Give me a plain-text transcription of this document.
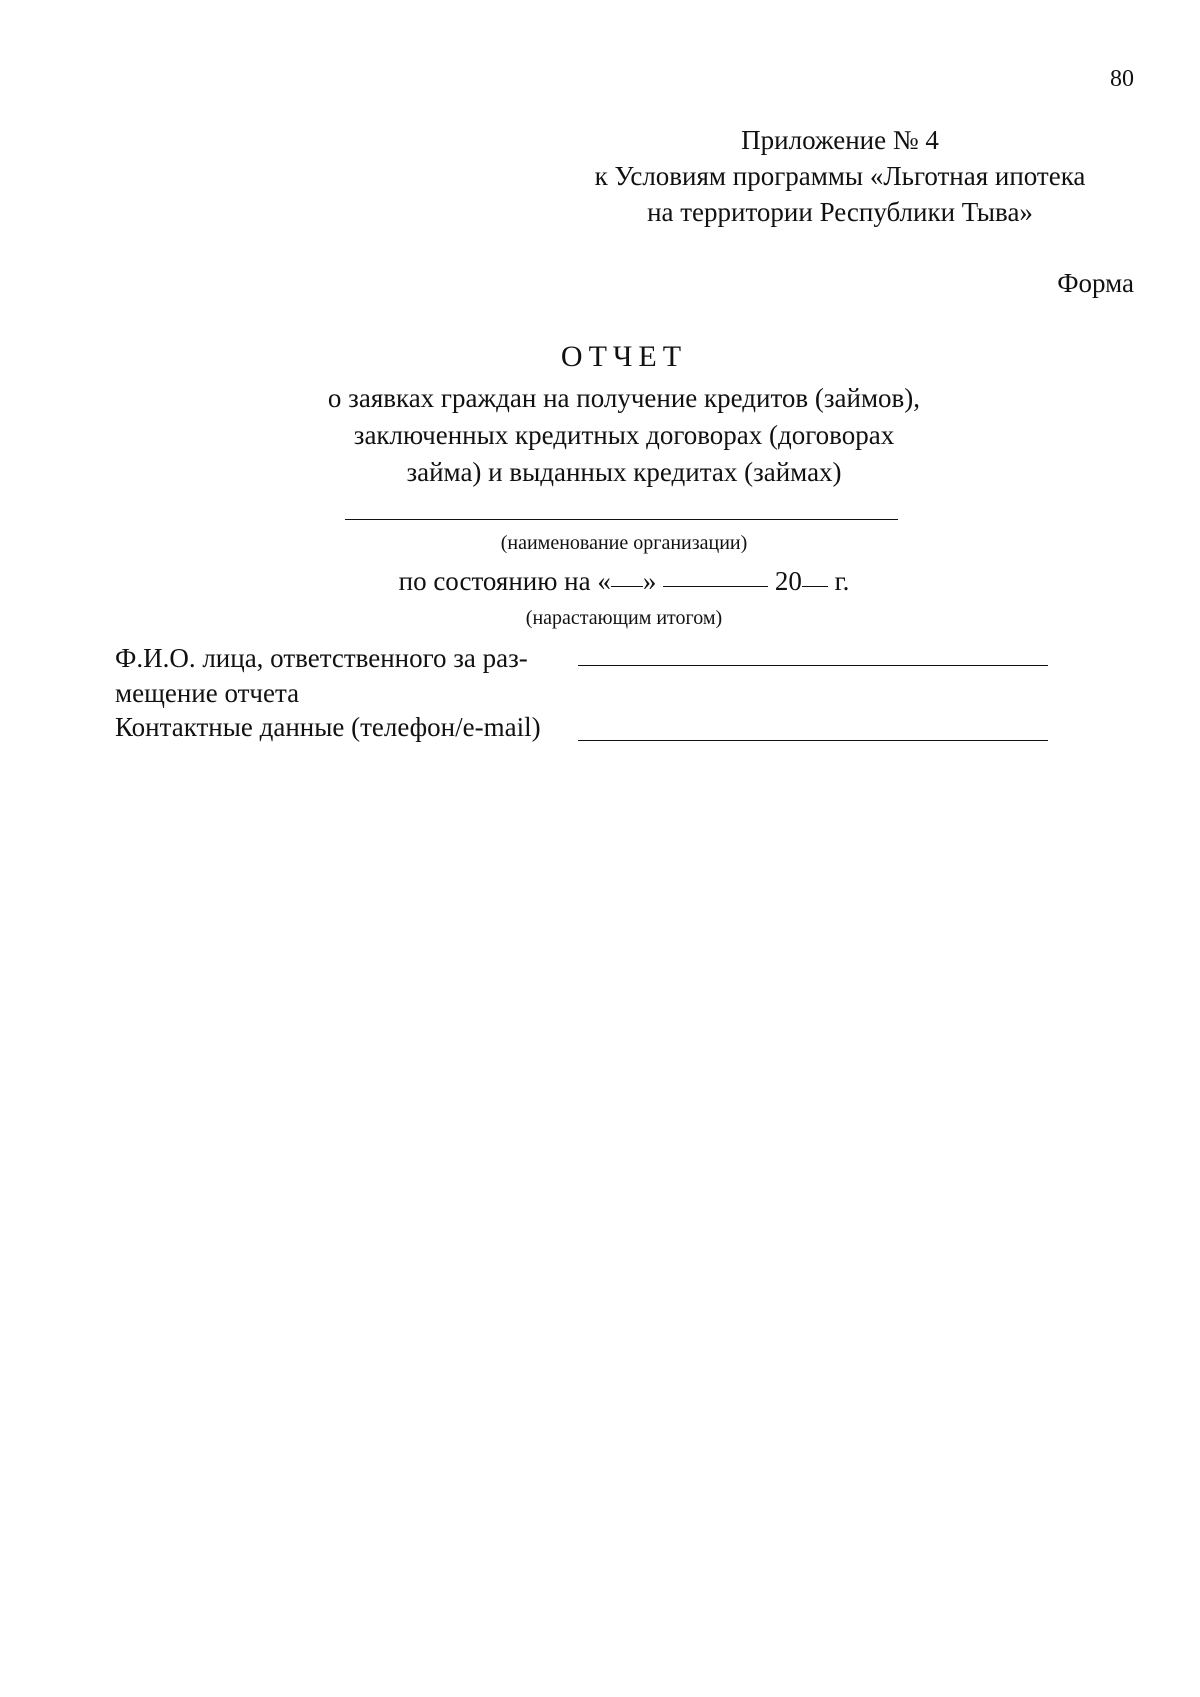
80
Приложение № 4
к Условиям программы «Льготная ипотека
на территории Республики Тыва»
Форма
ОТЧЕТ
о заявках граждан на получение кредитов (займов),
заключенных кредитных договорах (договорах
займа) и выданных кредитах (займах)
(наименование организации)
по состоянию на « »	20 г.
(нарастающим итогом)
Ф.И.О. лица, ответственного за раз-
мещение отчета
Контактные данные (телефон/e-mail)
